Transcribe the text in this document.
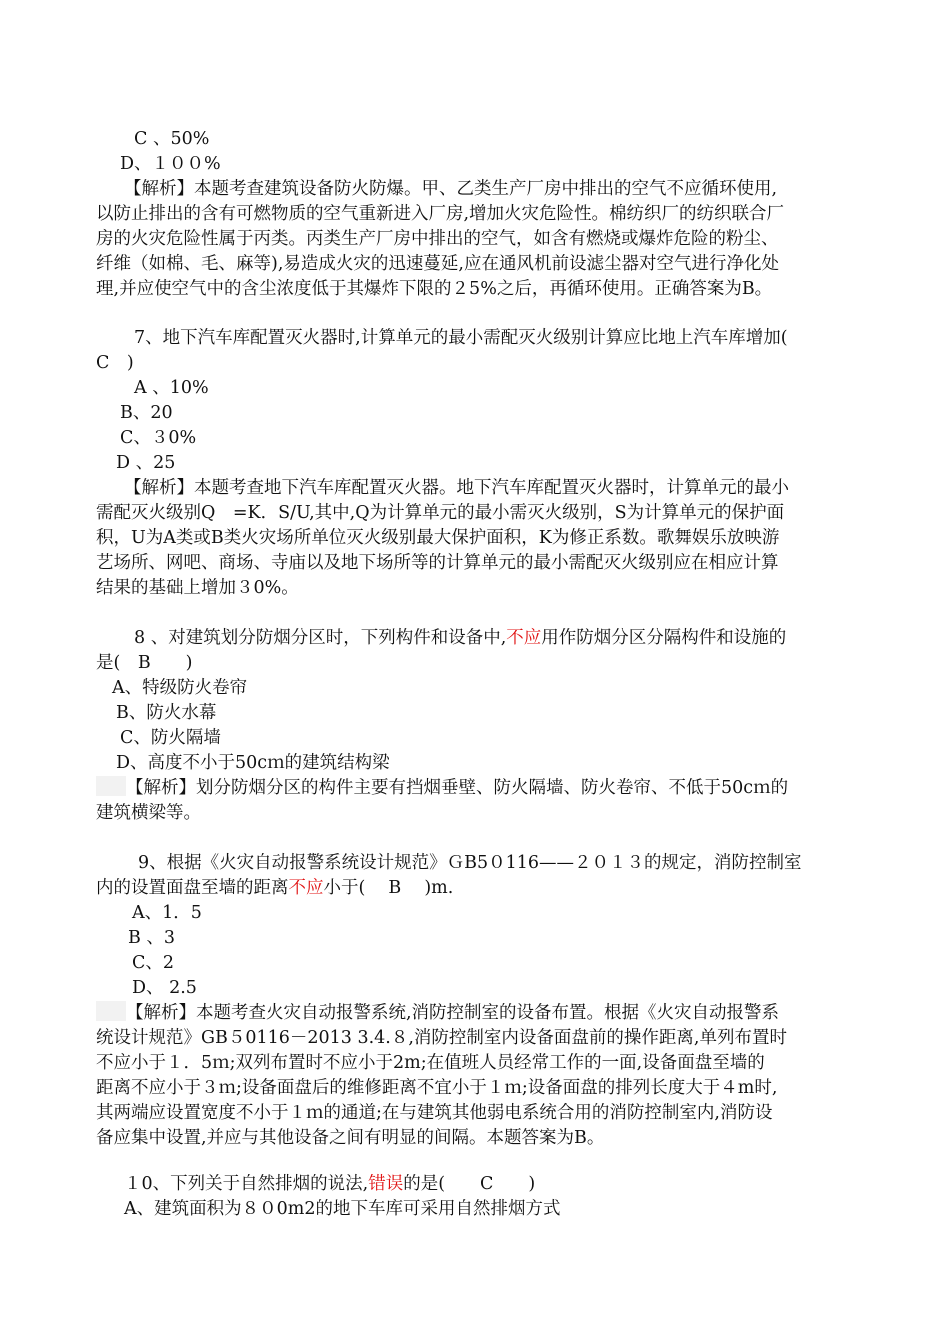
C 、50%
D、１００%
【解析】本题考查建筑设备防火防爆。甲、乙类生产厂房中排出的空气不应循环使用,
以防止排出的含有可燃物质的空气重新进入厂房,增加火灾危险性。棉纺织厂的纺织联合厂
房的火灾危险性属于丙类。丙类生产厂房中排出的空气，如含有燃烧或爆炸危险的粉尘、
纤维（如棉、毛、麻等),易造成火灾的迅速蔓延,应在通风机前设滤尘器对空气进行净化处
理,并应使空气中的含尘浓度低于其爆炸下限的２5%之后，再循环使用。正确答案为B。
7、地下汽车库配置灭火器时,计算单元的最小需配灭火级别计算应比地上汽车库增加(
C　)
A 、10%
B、20
C、３0%
D 、25
【解析】本题考查地下汽车库配置灭火器。地下汽车库配置灭火器时，计算单元的最小
需配灭火级别Q　=K．S/U,其中,Q为计算单元的最小需灭火级别，S为计算单元的保护面
积，U为A类或B类火灾场所单位灭火级别最大保护面积，K为修正系数。歌舞娱乐放映游
艺场所、网吧、商场、寺庙以及地下场所等的计算单元的最小需配灭火级别应在相应计算
结果的基础上增加３0%。
8 、对建筑划分防烟分区时，下列构件和设备中,不应用作防烟分区分隔构件和设施的
是(　B　　)
A、特级防火卷帘
B、防火水幕
C、防火隔墙
D、高度不小于50cｍ的建筑结构梁
【解析】划分防烟分区的构件主要有挡烟垂壁、防火隔墙、防火卷帘、不低于50cｍ的
建筑横梁等。
9、根据《火灾自动报警系统设计规范》ＧB5０116——２０１３的规定，消防控制室
内的设置面盘至墙的距离不应小于(　 B　 )m.
A、1．5
B 、3
C、2
D、 2.5
【解析】本题考查火灾自动报警系统,消防控制室的设备布置。根据《火灾自动报警系
统设计规范》GB５0116－2013 3.4.８,消防控制室内设备面盘前的操作距离,单列布置时
不应小于１．5ｍ;双列布置时不应小于2m;在值班人员经常工作的一面,设备面盘至墙的
距离不应小于３ｍ;设备面盘后的维修距离不宜小于１ｍ;设备面盘的排列长度大于４m时,
其两端应设置宽度不小于１ｍ的通道;在与建筑其他弱电系统合用的消防控制室内,消防设
备应集中设置,并应与其他设备之间有明显的间隔。本题答案为B。
１0、下列关于自然排烟的说法,错误的是(　　C　　)
A、建筑面积为８０0m2的地下车库可采用自然排烟方式
